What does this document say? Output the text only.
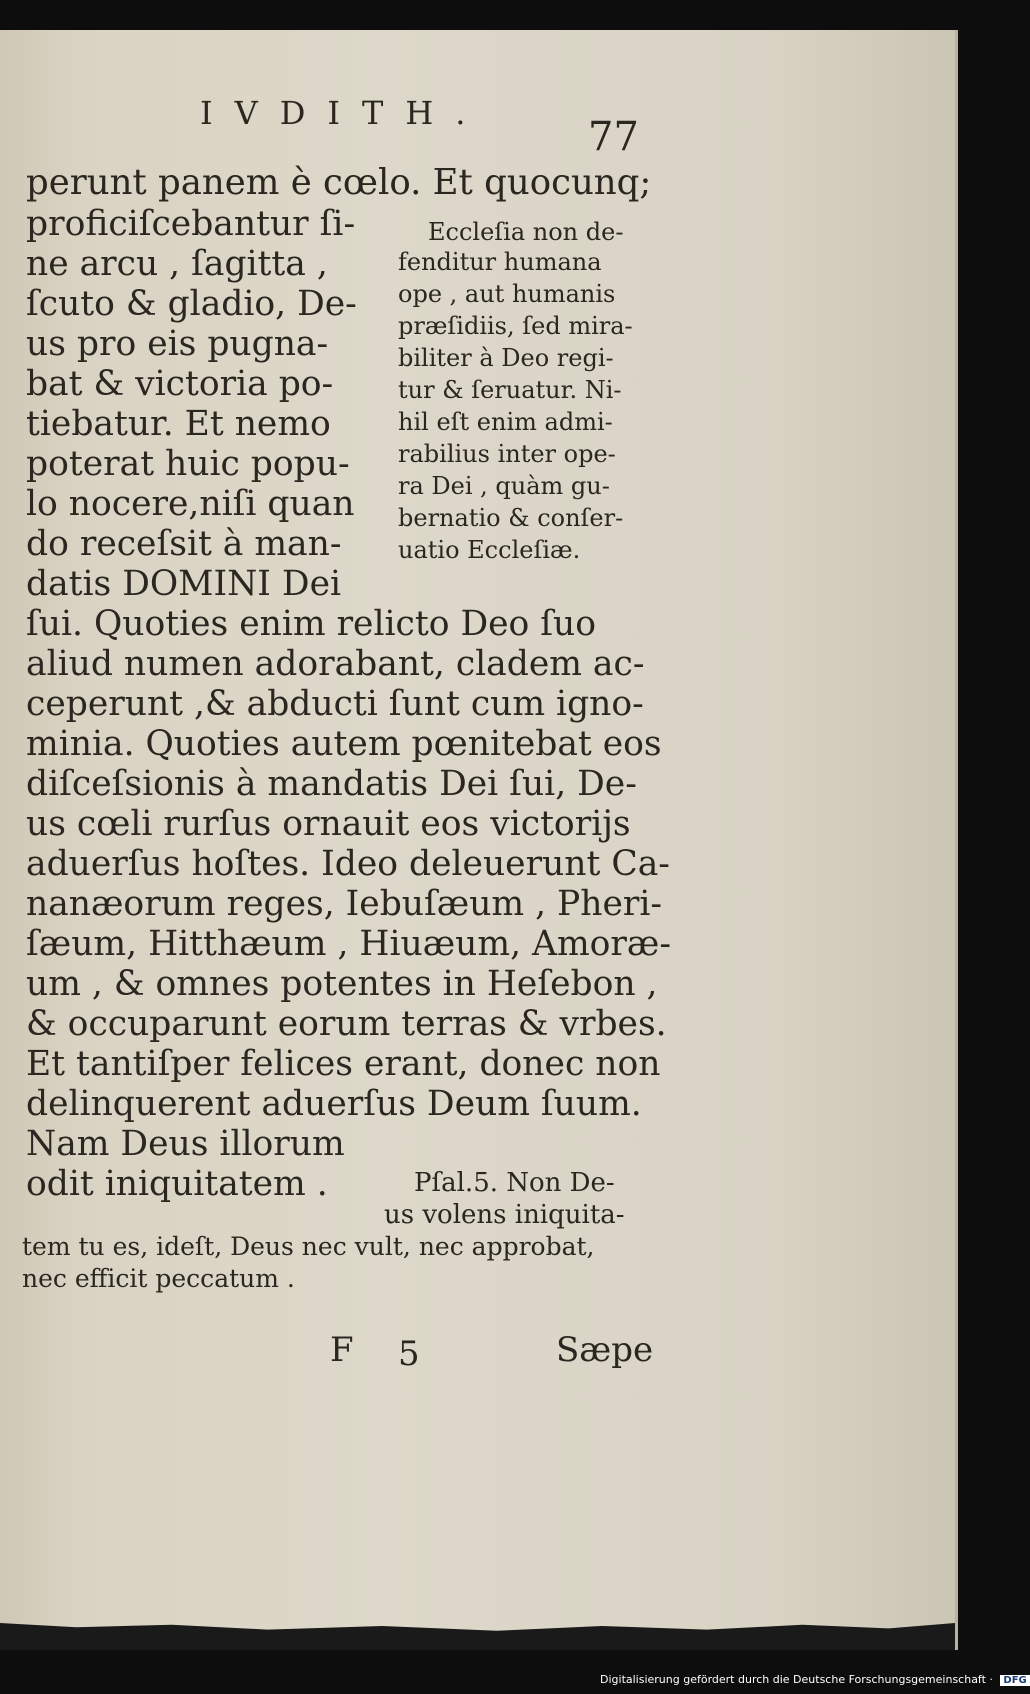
IVDITH.
77
perunt panem è cœlo. Et quocunq;
proficiſcebantur ſi-
ne arcu , ſagitta ,
ſcuto & gladio, De-
us pro eis pugna-
bat & victoria po-
tiebatur. Et nemo
poterat huic popu-
lo nocere,niſi quan
do receſsit à man-
datis DOMINI Dei
Eccleſia non de-
fenditur humana
ope , aut humanis
præſidiis, ſed mira-
biliter à Deo regi-
tur & ſeruatur. Ni-
hil eſt enim admi-
rabilius inter ope-
ra Dei , quàm gu-
bernatio & conſer-
uatio Eccleſiæ.
ſui. Quoties enim relicto Deo ſuo
aliud numen adorabant, cladem ac-
ceperunt ,& abducti ſunt cum igno-
minia. Quoties autem pœnitebat eos
diſceſsionis à mandatis Dei ſui, De-
us cœli rurſus ornauit eos victorijs
aduerſus hoſtes. Ideo deleuerunt Ca-
nanæorum reges, Iebuſæum , Pheri-
ſæum, Hitthæum , Hiuæum, Amoræ-
um , & omnes potentes in Heſebon ,
& occuparunt eorum terras & vrbes.
Et tantiſper felices erant, donec non
delinquerent aduerſus Deum ſuum.
Nam Deus illorum
odit iniquitatem .	Pſal.5. Non De-
us volens iniquita-
tem tu es, ideſt, Deus nec vult, nec approbat,
nec efficit peccatum .
F 5	Sæpe
Digitalisierung gefördert durch die Deutsche Forschungsgemeinschaft · DFG
